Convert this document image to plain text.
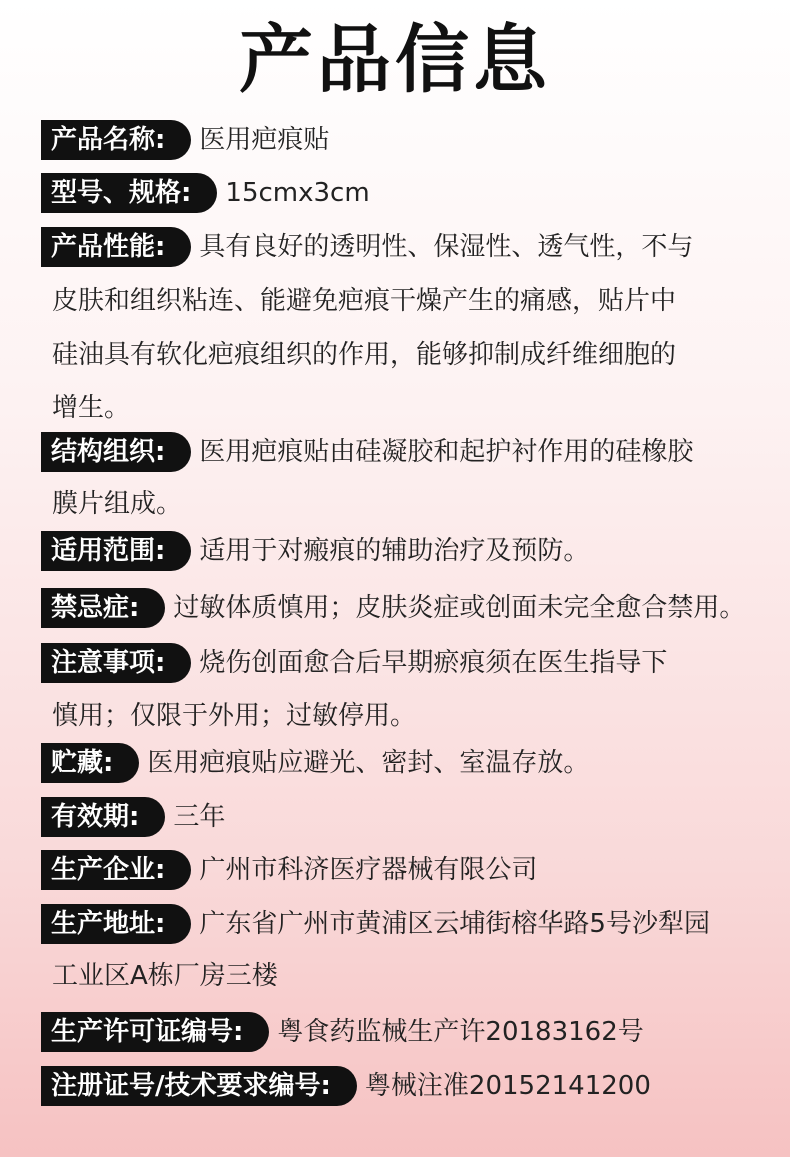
产品信息
产品名称: 医用疤痕贴
型号、规格: 15cmx3cm
产品性能: 具有良好的透明性、保湿性、透气性，不与
皮肤和组织粘连、能避免疤痕干燥产生的痛感，贴片中
硅油具有软化疤痕组织的作用，能够抑制成纤维细胞的
增生。
结构组织: 医用疤痕贴由硅凝胶和起护衬作用的硅橡胶
膜片组成。
适用范围: 适用于对瘢痕的辅助治疗及预防。
禁忌症: 过敏体质慎用；皮肤炎症或创面未完全愈合禁用。
注意事项: 烧伤创面愈合后早期瘀痕须在医生指导下
慎用；仅限于外用；过敏停用。
贮藏: 医用疤痕贴应避光、密封、室温存放。
有效期: 三年
生产企业: 广州市科济医疗器械有限公司
生产地址: 广东省广州市黄浦区云埔街榕华路5号沙犁园
工业区A栋厂房三楼
生产许可证编号: 粤食药监械生产许20183162号
注册证号/技术要求编号: 粤械注准20152141200
